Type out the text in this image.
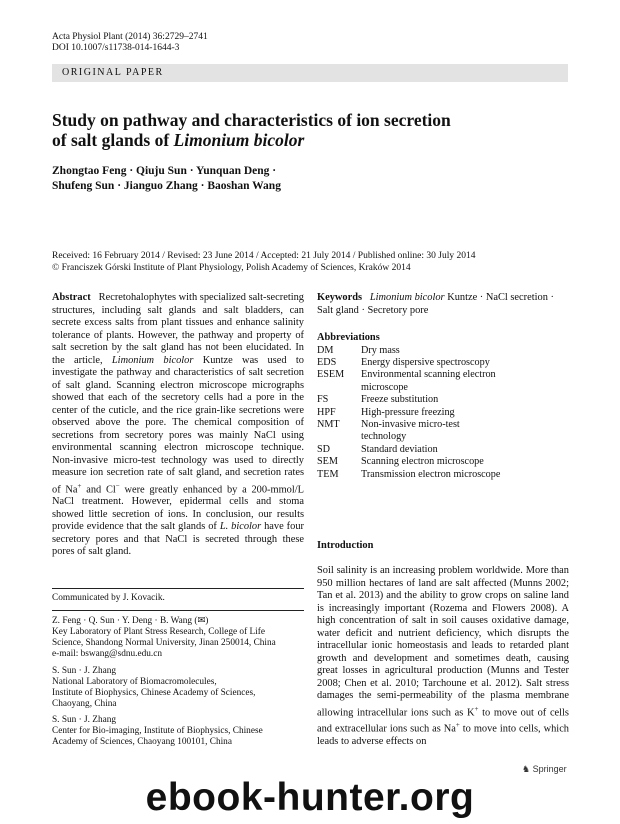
Acta Physiol Plant (2014) 36:2729–2741
DOI 10.1007/s11738-014-1644-3
ORIGINAL PAPER
Study on pathway and characteristics of ion secretion
of salt glands of Limonium bicolor
Zhongtao Feng · Qiuju Sun · Yunquan Deng ·
Shufeng Sun · Jianguo Zhang · Baoshan Wang
Received: 16 February 2014 / Revised: 23 June 2014 / Accepted: 21 July 2014 / Published online: 30 July 2014
© Franciszek Górski Institute of Plant Physiology, Polish Academy of Sciences, Kraków 2014
Abstract Recretohalophytes with specialized salt-secreting structures, including salt glands and salt bladders, can secrete excess salts from plant tissues and enhance salinity tolerance of plants. However, the pathway and property of salt secretion by the salt gland has not been elucidated. In the article, Limonium bicolor Kuntze was used to investigate the pathway and characteristics of salt secretion of salt gland. Scanning electron microscope micrographs showed that each of the secretory cells had a pore in the center of the cuticle, and the rice grain-like secretions were observed above the pore. The chemical composition of secretions from secretory pores was mainly NaCl using environmental scanning electron microscope technique. Non-invasive micro-test technology was used to directly measure ion secretion rate of salt gland, and secretion rates of Na+ and Cl− were greatly enhanced by a 200-mmol/L NaCl treatment. However, epidermal cells and stoma showed little secretion of ions. In conclusion, our results provide evidence that the salt glands of L. bicolor have four secretory pores and that NaCl is secreted through these pores of salt gland.
Communicated by J. Kovacik.
Z. Feng · Q. Sun · Y. Deng · B. Wang (✉)
Key Laboratory of Plant Stress Research, College of Life
Science, Shandong Normal University, Jinan 250014, China
e-mail: bswang@sdnu.edu.cn
S. Sun · J. Zhang
National Laboratory of Biomacromolecules,
Institute of Biophysics, Chinese Academy of Sciences,
Chaoyang, China
S. Sun · J. Zhang
Center for Bio-imaging, Institute of Biophysics, Chinese
Academy of Sciences, Chaoyang 100101, China
Keywords Limonium bicolor Kuntze · NaCl secretion · Salt gland · Secretory pore
Abbreviations
DM	Dry mass
EDS	Energy dispersive spectroscopy
ESEM	Environmental scanning electron microscope
FS	Freeze substitution
HPF	High-pressure freezing
NMT	Non-invasive micro-test technology
SD	Standard deviation
SEM	Scanning electron microscope
TEM	Transmission electron microscope
Introduction
Soil salinity is an increasing problem worldwide. More than 950 million hectares of land are salt affected (Munns 2002; Tan et al. 2013) and the ability to grow crops on saline land is increasingly important (Rozema and Flowers 2008). A high concentration of salt in soil causes oxidative damage, water deficit and nutrient deficiency, which disrupts the intracellular ionic homeostasis and leads to retarded plant growth and development and sometimes death, causing great losses in agricultural production (Munns and Tester 2008; Chen et al. 2010; Tarchoune et al. 2012). Salt stress damages the semi-permeability of the plasma membrane allowing intracellular ions such as K+ to move out of cells and extracellular ions such as Na+ to move into cells, which leads to adverse effects on
♞ Springer
ebook-hunter.org
